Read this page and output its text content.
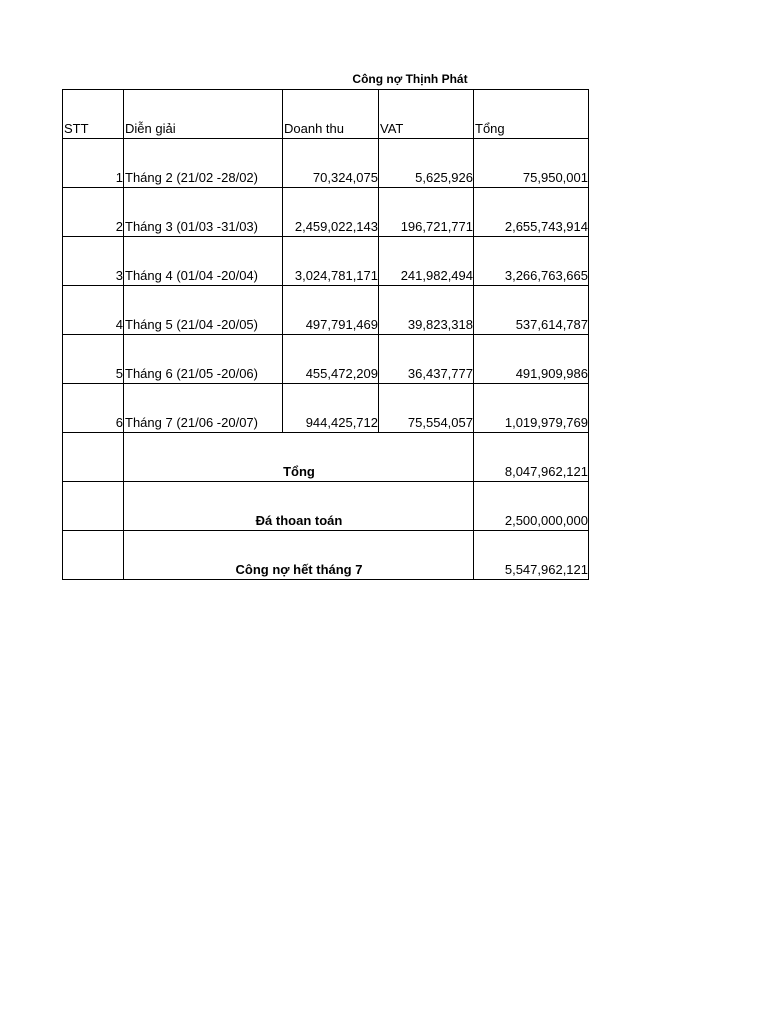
Công nợ Thịnh Phát
STT	Diễn giải	Doanh thu	VAT	Tổng
1	Tháng 2 (21/02 -28/02)	70,324,075	5,625,926	75,950,001
2	Tháng 3 (01/03 -31/03)	2,459,022,143	196,721,771	2,655,743,914
3	Tháng 4 (01/04 -20/04)	3,024,781,171	241,982,494	3,266,763,665
4	Tháng 5 (21/04 -20/05)	497,791,469	39,823,318	537,614,787
5	Tháng 6 (21/05 -20/06)	455,472,209	36,437,777	491,909,986
6	Tháng 7 (21/06 -20/07)	944,425,712	75,554,057	1,019,979,769
	Tổng			8,047,962,121
	Đá thoan toán			2,500,000,000
	Công nợ hết tháng 7			5,547,962,121
